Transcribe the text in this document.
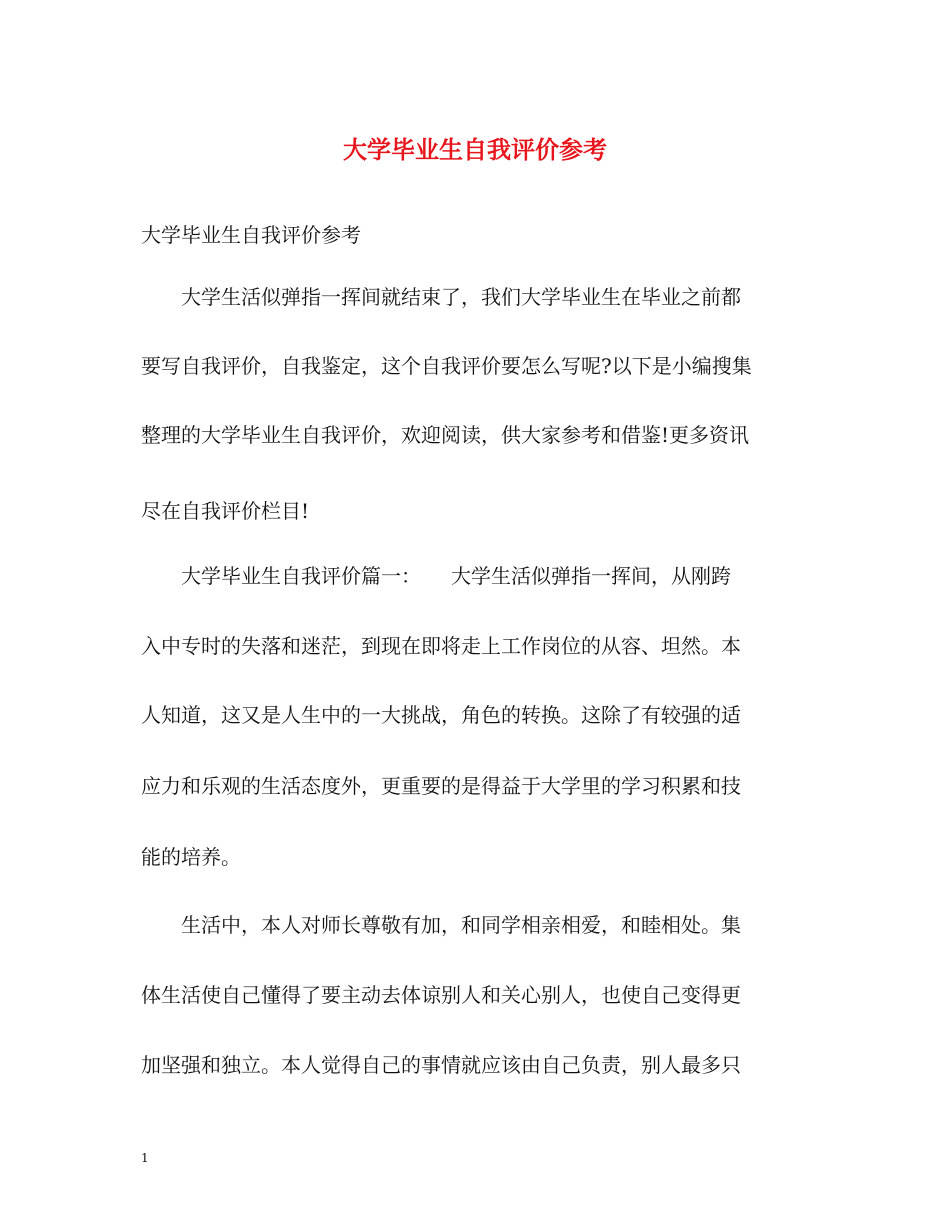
大学毕业生自我评价参考

大学毕业生自我评价参考

　　大学生活似弹指一挥间就结束了，我们大学毕业生在毕业之前都

要写自我评价，自我鉴定，这个自我评价要怎么写呢?以下是小编搜集

整理的大学毕业生自我评价，欢迎阅读，供大家参考和借鉴!更多资讯

尽在自我评价栏目!

　　大学毕业生自我评价篇一：　　大学生活似弹指一挥间，从刚跨

入中专时的失落和迷茫，到现在即将走上工作岗位的从容、坦然。本

人知道，这又是人生中的一大挑战，角色的转换。这除了有较强的适

应力和乐观的生活态度外，更重要的是得益于大学里的学习积累和技

能的培养。

　　生活中，本人对师长尊敬有加，和同学相亲相爱，和睦相处。集

体生活使自己懂得了要主动去体谅别人和关心别人，也使自己变得更

加坚强和独立。本人觉得自己的事情就应该由自己负责，别人最多只

1
